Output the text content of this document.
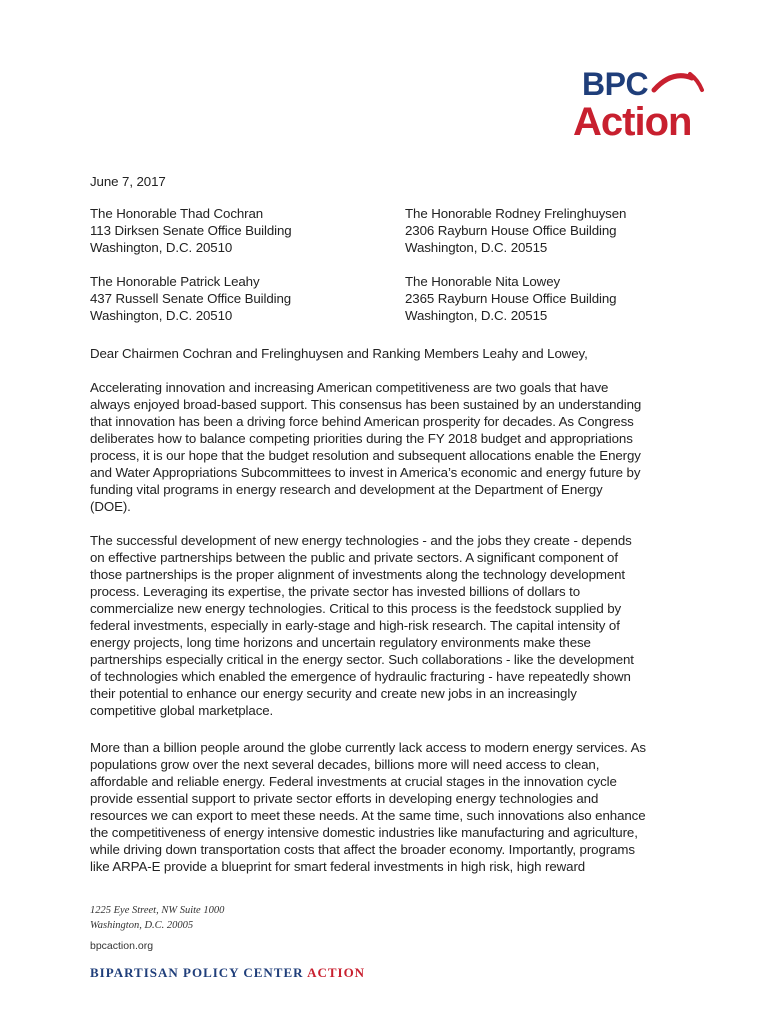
BPC
Action
June 7, 2017
The Honorable Thad Cochran
113 Dirksen Senate Office Building
Washington, D.C. 20510
The Honorable Rodney Frelinghuysen
2306 Rayburn House Office Building
Washington, D.C. 20515
The Honorable Patrick Leahy
437 Russell Senate Office Building
Washington, D.C. 20510
The Honorable Nita Lowey
2365 Rayburn House Office Building
Washington, D.C. 20515
Dear Chairmen Cochran and Frelinghuysen and Ranking Members Leahy and Lowey,
Accelerating innovation and increasing American competitiveness are two goals that have
always enjoyed broad-based support. This consensus has been sustained by an understanding
that innovation has been a driving force behind American prosperity for decades. As Congress
deliberates how to balance competing priorities during the FY 2018 budget and appropriations
process, it is our hope that the budget resolution and subsequent allocations enable the Energy
and Water Appropriations Subcommittees to invest in America’s economic and energy future by
funding vital programs in energy research and development at the Department of Energy
(DOE).
The successful development of new energy technologies - and the jobs they create - depends
on effective partnerships between the public and private sectors. A significant component of
those partnerships is the proper alignment of investments along the technology development
process. Leveraging its expertise, the private sector has invested billions of dollars to
commercialize new energy technologies. Critical to this process is the feedstock supplied by
federal investments, especially in early-stage and high-risk research. The capital intensity of
energy projects, long time horizons and uncertain regulatory environments make these
partnerships especially critical in the energy sector. Such collaborations - like the development
of technologies which enabled the emergence of hydraulic fracturing - have repeatedly shown
their potential to enhance our energy security and create new jobs in an increasingly
competitive global marketplace.
More than a billion people around the globe currently lack access to modern energy services. As
populations grow over the next several decades, billions more will need access to clean,
affordable and reliable energy. Federal investments at crucial stages in the innovation cycle
provide essential support to private sector efforts in developing energy technologies and
resources we can export to meet these needs. At the same time, such innovations also enhance
the competitiveness of energy intensive domestic industries like manufacturing and agriculture,
while driving down transportation costs that affect the broader economy. Importantly, programs
like ARPA-E provide a blueprint for smart federal investments in high risk, high reward
1225 Eye Street, NW Suite 1000
Washington, D.C. 20005
bpcaction.org
BIPARTISAN POLICY CENTER ACTION
